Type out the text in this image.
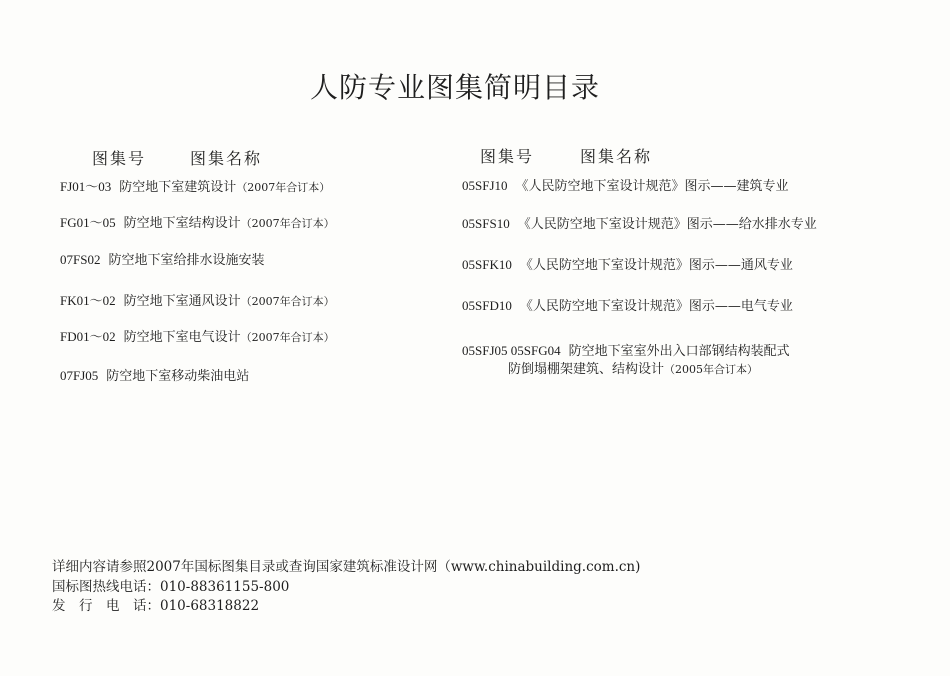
人防专业图集简明目录
图集号	图集名称	图集号	图集名称
FJ01～03 防空地下室建筑设计（2007年合订本）
FG01～05 防空地下室结构设计（2007年合订本）
07FS02 防空地下室给排水设施安装
FK01～02 防空地下室通风设计（2007年合订本）
FD01～02 防空地下室电气设计（2007年合订本）
07FJ05 防空地下室移动柴油电站
05SFJ10 《人民防空地下室设计规范》图示——建筑专业
05SFS10 《人民防空地下室设计规范》图示——给水排水专业
05SFK10 《人民防空地下室设计规范》图示——通风专业
05SFD10 《人民防空地下室设计规范》图示——电气专业
05SFJ05 05SFG04 防空地下室室外出入口部钢结构装配式
防倒塌棚架建筑、结构设计（2005年合订本）
详细内容请参照2007年国标图集目录或查询国家建筑标准设计网（www.chinabuilding.com.cn)
国标图热线电话：010-88361155-800
发　行　电　话：010-68318822
